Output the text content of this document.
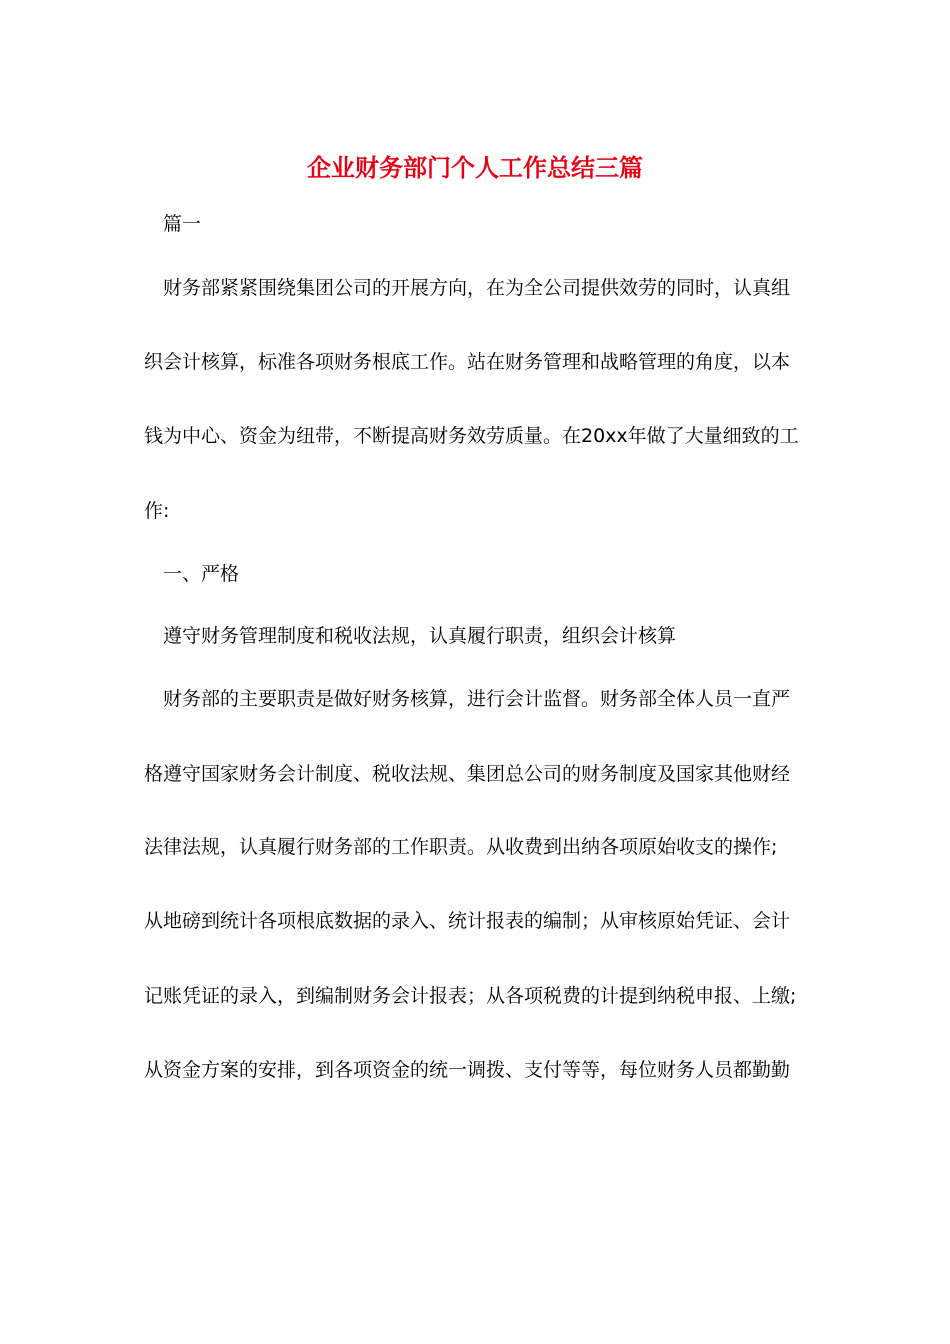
企业财务部门个人工作总结三篇

篇一

财务部紧紧围绕集团公司的开展方向，在为全公司提供效劳的同时，认真组

织会计核算，标准各项财务根底工作。站在财务管理和战略管理的角度，以本

钱为中心、资金为纽带，不断提高财务效劳质量。在20xx年做了大量细致的工

作:

一、严格

遵守财务管理制度和税收法规，认真履行职责，组织会计核算

财务部的主要职责是做好财务核算，进行会计监督。财务部全体人员一直严

格遵守国家财务会计制度、税收法规、集团总公司的财务制度及国家其他财经

法律法规，认真履行财务部的工作职责。从收费到出纳各项原始收支的操作;

从地磅到统计各项根底数据的录入、统计报表的编制；从审核原始凭证、会计

记账凭证的录入，到编制财务会计报表；从各项税费的计提到纳税申报、上缴;

从资金方案的安排，到各项资金的统一调拨、支付等等，每位财务人员都勤勤
